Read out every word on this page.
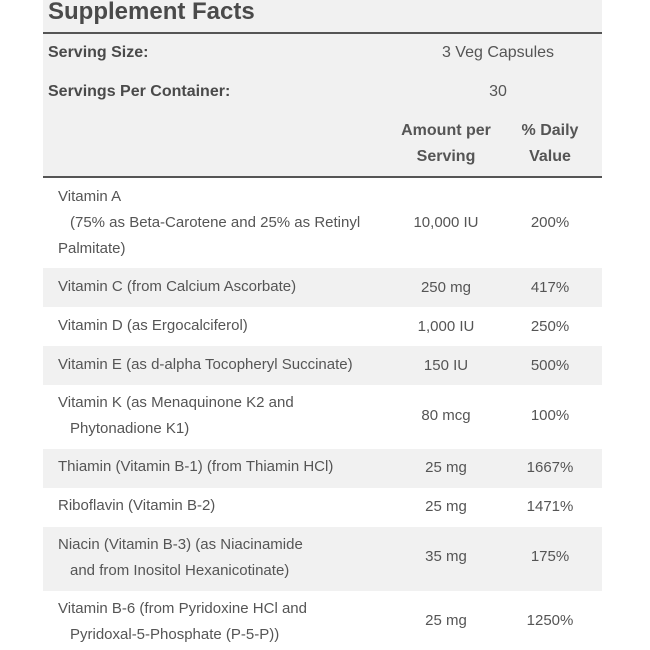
Supplement Facts
Serving Size:	3 Veg Capsules
Servings Per Container:	30
Amount per
Serving
% Daily
Value
Vitamin A
(75% as Beta-Carotene and 25% as Retinyl
Palmitate)
10,000 IU	200%
Vitamin C (from Calcium Ascorbate)	250 mg	417%
Vitamin D (as Ergocalciferol)	1,000 IU	250%
Vitamin E (as d-alpha Tocopheryl Succinate)	150 IU	500%
Vitamin K (as Menaquinone K2 and
Phytonadione K1)
80 mcg	100%
Thiamin (Vitamin B-1) (from Thiamin HCl)	25 mg	1667%
Riboflavin (Vitamin B-2)	25 mg	1471%
Niacin (Vitamin B-3) (as Niacinamide
and from Inositol Hexanicotinate)
35 mg	175%
Vitamin B-6 (from Pyridoxine HCl and
Pyridoxal-5-Phosphate (P-5-P))
25 mg	1250%
